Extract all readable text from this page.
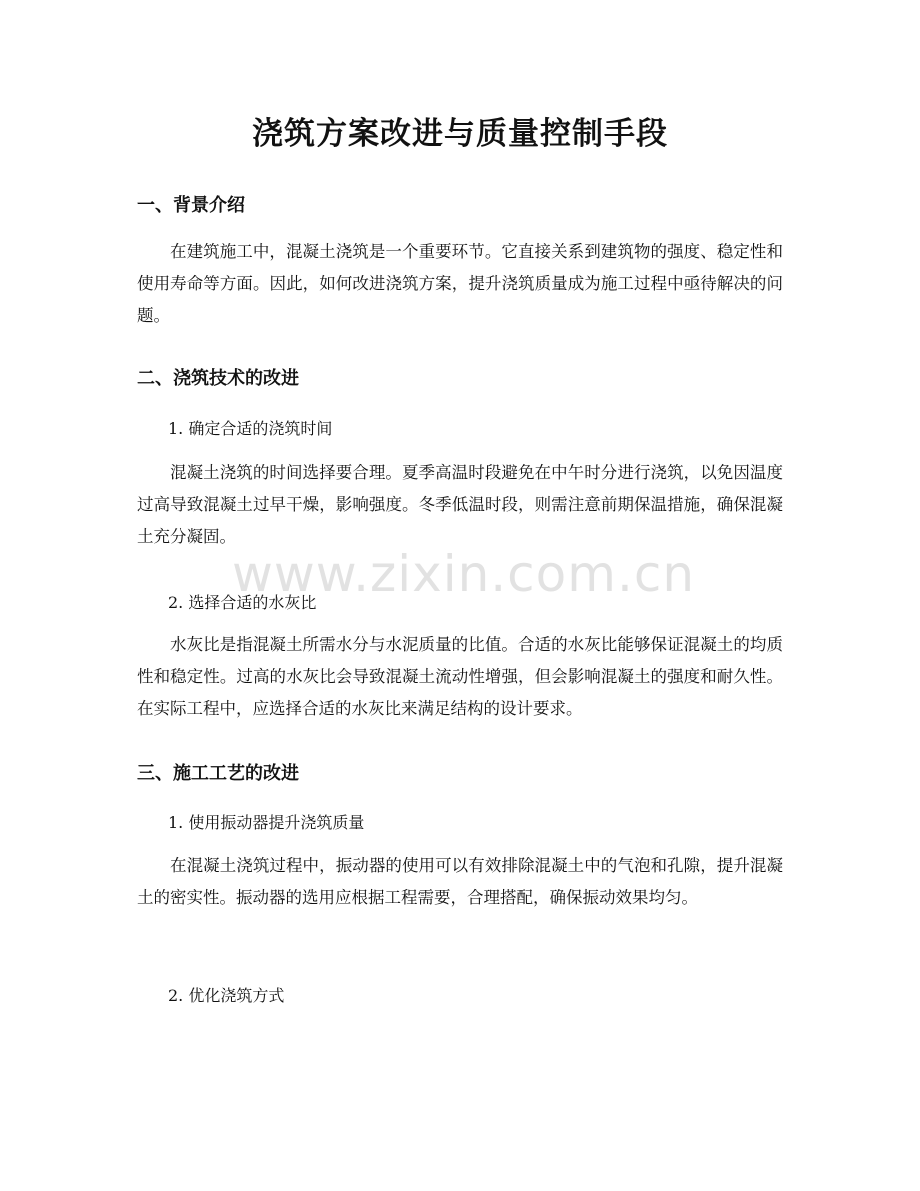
浇筑方案改进与质量控制手段
一、背景介绍

在建筑施工中，混凝土浇筑是一个重要环节。它直接关系到建筑物的强度、稳定性和使用寿命等方面。因此，如何改进浇筑方案，提升浇筑质量成为施工过程中亟待解决的问题。

二、浇筑技术的改进

1. 确定合适的浇筑时间

混凝土浇筑的时间选择要合理。夏季高温时段避免在中午时分进行浇筑，以免因温度过高导致混凝土过早干燥，影响强度。冬季低温时段，则需注意前期保温措施，确保混凝土充分凝固。

2. 选择合适的水灰比

水灰比是指混凝土所需水分与水泥质量的比值。合适的水灰比能够保证混凝土的均质性和稳定性。过高的水灰比会导致混凝土流动性增强，但会影响混凝土的强度和耐久性。在实际工程中，应选择合适的水灰比来满足结构的设计要求。

三、施工工艺的改进

1. 使用振动器提升浇筑质量

在混凝土浇筑过程中，振动器的使用可以有效排除混凝土中的气泡和孔隙，提升混凝土的密实性。振动器的选用应根据工程需要，合理搭配，确保振动效果均匀。

2. 优化浇筑方式

www.zixin.com.cn
